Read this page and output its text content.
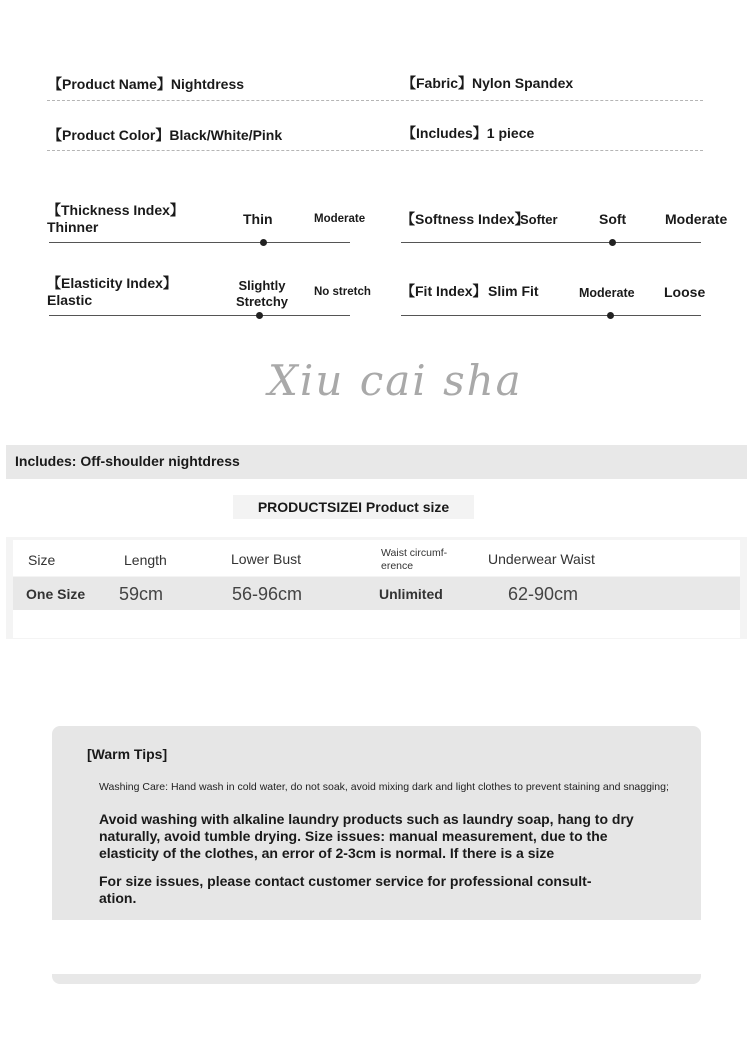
【Product Name】Nightdress	【Fabric】Nylon Spandex
【Product Color】Black/White/Pink	【Includes】1 piece
【Thickness Index】
Thinner	Thin	Moderate	【Softness Index】
Softer	Soft	Moderate
【Elasticity Index】
Elastic
Slightly
Stretchy
No stretch 【Fit Index】 Slim Fit	Moderate Loose
Xiu cai sha
Includes: Off-shoulder nightdress
PRODUCTSIZEI Product size
Size	Length	Lower Bust	Waist circumf-erence	Underwear Waist
One Size 59cm	56-96cm	Unlimited	62-90cm
[Warm Tips]
Washing Care: Hand wash in cold water, do not soak, avoid mixing dark and light clothes to prevent staining and snagging;
Avoid washing with alkaline laundry products such as laundry soap, hang to dry naturally, avoid tumble drying. Size issues: manual measurement, due to the elasticity of the clothes, an error of 2-3cm is normal. If there is a size
For size issues, please contact customer service for professional consult-ation.
